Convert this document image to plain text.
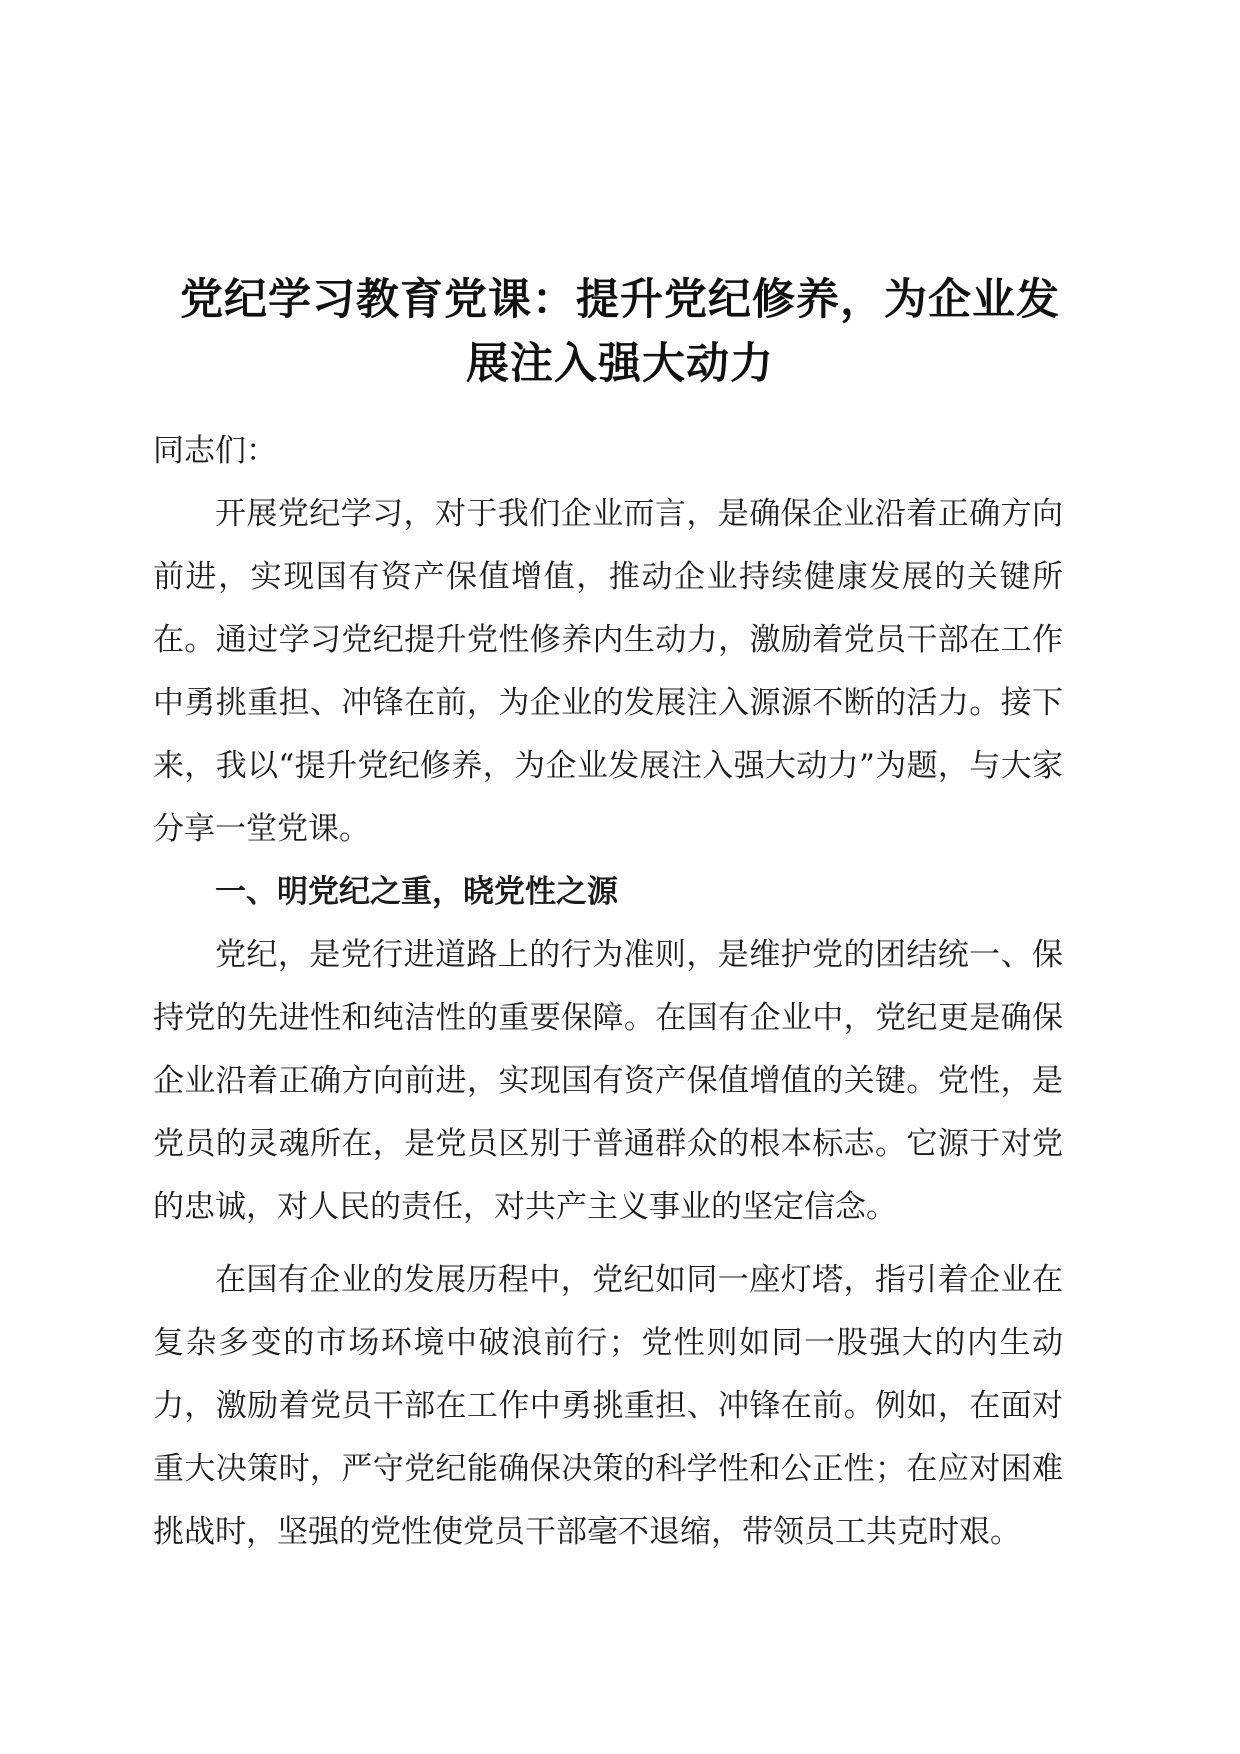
党纪学习教育党课：提升党纪修养，为企业发
展注入强大动力

同志们：

开展党纪学习，对于我们企业而言，是确保企业沿着正确方向前进，实现国有资产保值增值，推动企业持续健康发展的关键所在。通过学习党纪提升党性修养内生动力，激励着党员干部在工作中勇挑重担、冲锋在前，为企业的发展注入源源不断的活力。接下来，我以“提升党纪修养，为企业发展注入强大动力”为题，与大家分享一堂党课。

一、明党纪之重，晓党性之源

党纪，是党行进道路上的行为准则，是维护党的团结统一、保持党的先进性和纯洁性的重要保障。在国有企业中，党纪更是确保企业沿着正确方向前进，实现国有资产保值增值的关键。党性，是党员的灵魂所在，是党员区别于普通群众的根本标志。它源于对党的忠诚，对人民的责任，对共产主义事业的坚定信念。

在国有企业的发展历程中，党纪如同一座灯塔，指引着企业在复杂多变的市场环境中破浪前行；党性则如同一股强大的内生动力，激励着党员干部在工作中勇挑重担、冲锋在前。例如，在面对重大决策时，严守党纪能确保决策的科学性和公正性；在应对困难挑战时，坚强的党性使党员干部毫不退缩，带领员工共克时艰。
